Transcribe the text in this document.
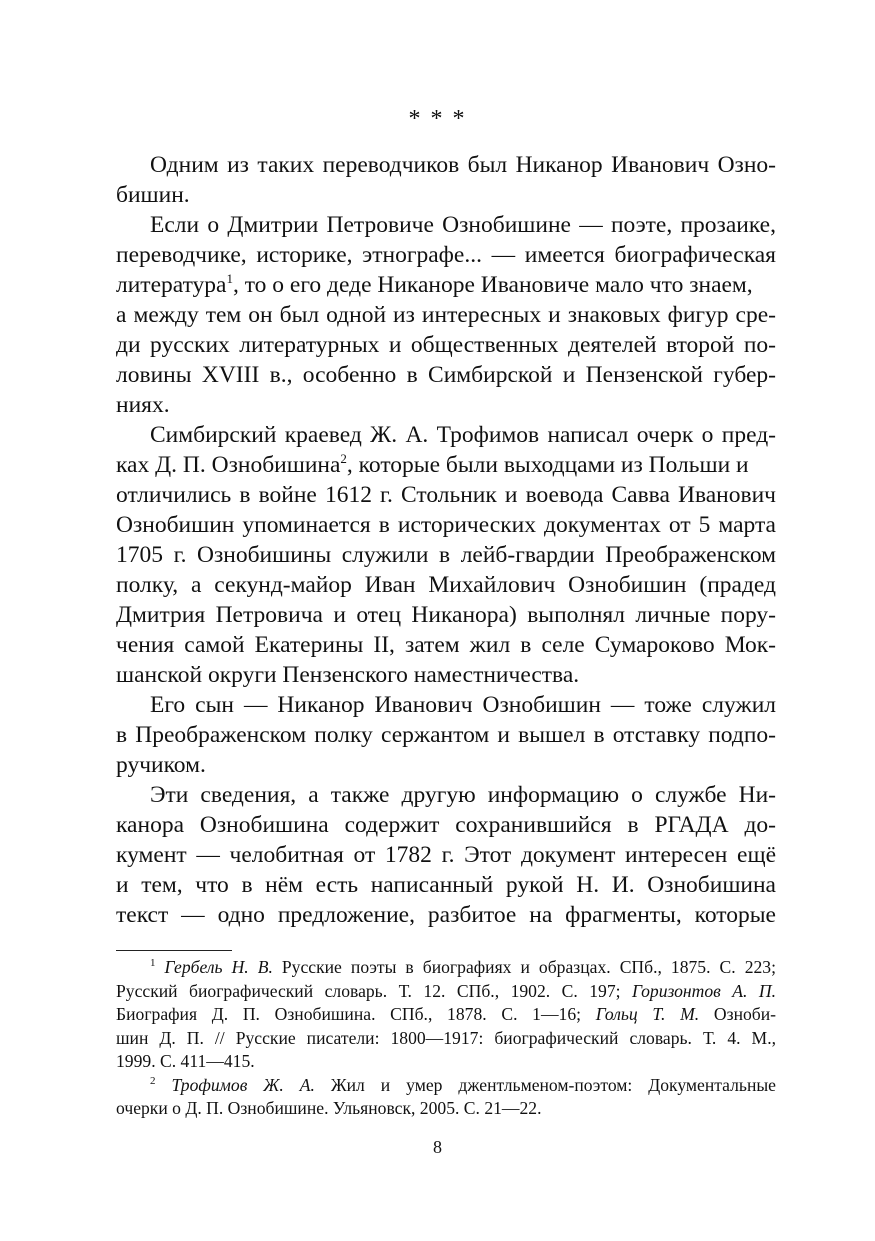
* * *
Одним из таких переводчиков был Никанор Иванович Озно-
бишин.
Если о Дмитрии Петровиче Ознобишине — поэте, прозаике,
переводчике, историке, этнографе... — имеется биографическая
литература$^1$, то о его деде Никаноре Ивановиче мало что знаем,
а между тем он был одной из интересных и знаковых фигур сре-
ди русских литературных и общественных деятелей второй по-
ловины XVIII в., особенно в Симбирской и Пензенской губер-
ниях.
Симбирский краевед Ж. А. Трофимов написал очерк о пред-
ках Д. П. Ознобишина$^2$, которые были выходцами из Польши и
отличились в войне 1612 г. Стольник и воевода Савва Иванович
Ознобишин упоминается в исторических документах от 5 марта
1705 г. Ознобишины служили в лейб-гвардии Преображенском
полку, а секунд-майор Иван Михайлович Ознобишин (прадед
Дмитрия Петровича и отец Никанора) выполнял личные пору-
чения самой Екатерины II, затем жил в селе Сумароково Мок-
шанской округи Пензенского наместничества.
Его сын — Никанор Иванович Ознобишин — тоже служил
в Преображенском полку сержантом и вышел в отставку подпо-
ручиком.
Эти сведения, а также другую информацию о службе Ни-
канора Ознобишина содержит сохранившийся в РГАДА до-
кумент — челобитная от 1782 г. Этот документ интересен ещё
и тем, что в нём есть написанный рукой Н. И. Ознобишина
текст — одно предложение, разбитое на фрагменты, которые
$^1$ Гербель Н. В. Русские поэты в биографиях и образцах. СПб., 1875. С. 223;
Русский биографический словарь. Т. 12. СПб., 1902. С. 197; Горизонтов А. П.
Биография Д. П. Ознобишина. СПб., 1878. С. 1—16; Гольц Т. М. Озноби-
шин Д. П. // Русские писатели: 1800—1917: биографический словарь. Т. 4. М.,
1999. С. 411—415.
$^2$ Трофимов Ж. А. Жил и умер джентльменом-поэтом: Документальные
очерки о Д. П. Ознобишине. Ульяновск, 2005. С. 21—22.
8
